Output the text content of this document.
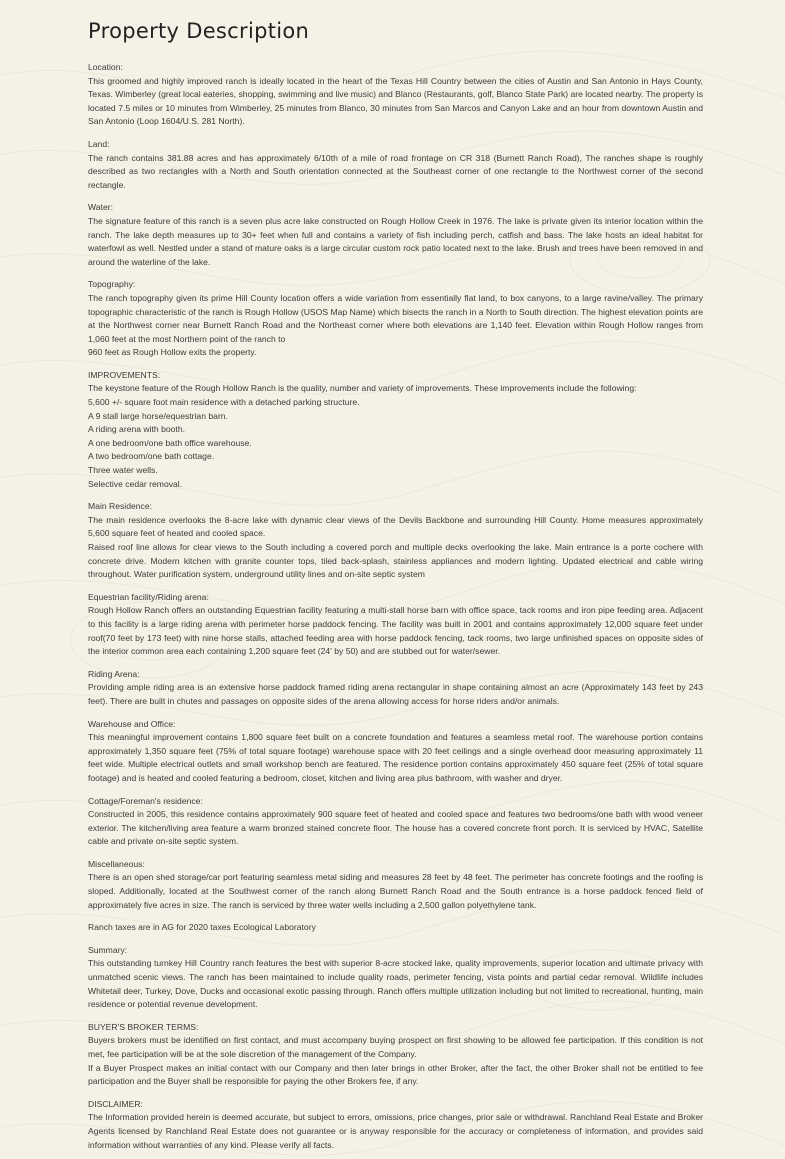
Property Description
Location:

This groomed and highly improved ranch is ideally located in the heart of the Texas Hill Country between the cities of Austin and San Antonio in Hays County, Texas. Wimberley (great local eateries, shopping, swimming and live music) and Blanco (Restaurants, golf, Blanco State Park) are located nearby. The property is located 7.5 miles or 10 minutes from Wimberley, 25 minutes from Blanco, 30 minutes from San Marcos and Canyon Lake and an hour from downtown Austin and San Antonio (Loop 1604/U.S. 281 North).

Land:

The ranch contains 381.88 acres and has approximately 6/10th of a mile of road frontage on CR 318 (Burnett Ranch Road), The ranches shape is roughly described as two rectangles with a North and South orientation connected at the Southeast corner of one rectangle to the Northwest corner of the second rectangle.

Water:

The signature feature of this ranch is a seven plus acre lake constructed on Rough Hollow Creek in 1976. The lake is private given its interior location within the ranch. The lake depth measures up to 30+ feet when full and contains a variety of fish including perch, catfish and bass. The lake hosts an ideal habitat for waterfowl as well. Nestled under a stand of mature oaks is a large circular custom rock patio located next to the lake. Brush and trees have been removed in and around the waterline of the lake.

Topography:

The ranch topography given its prime Hill County location offers a wide variation from essentially flat land, to box canyons, to a large ravine/valley. The primary topographic characteristic of the ranch is Rough Hollow (USOS Map Name) which bisects the ranch in a North to South direction. The highest elevation points are at the Northwest corner near Burnett Ranch Road and the Northeast corner where both elevations are 1,140 feet. Elevation within Rough Hollow ranges from 1,060 feet at the most Northern point of the ranch to

960 feet as Rough Hollow exits the property.

IMPROVEMENTS:
The keystone feature of the Rough Hollow Ranch is the quality, number and variety of improvements. These improvements include the following:
5,600 +/- square foot main residence with a detached parking structure.
A 9 stall large horse/equestrian barn.
A riding arena with booth.
A one bedroom/one bath office warehouse.
A two bedroom/one bath cottage.
Three water wells.
Selective cedar removal.
Main Residence:

The main residence overlooks the 8-acre lake with dynamic clear views of the Devils Backbone and surrounding Hill County. Home measures approximately 5,600 square feet of heated and cooled space.

Raised roof line allows for clear views to the South including a covered porch and multiple decks overlooking the lake. Main entrance is a porte cochere with concrete drive. Modern kitchen with granite counter tops, tiled back-splash, stainless appliances and modern lighting. Updated electrical and cable wiring throughout. Water purification system, underground utility lines and on-site septic system

Equestrian facility/Riding arena:

Rough Hollow Ranch offers an outstanding Equestrian facility featuring a multi-stall horse barn with office space, tack rooms and iron pipe feeding area. Adjacent to this facility is a large riding arena with perimeter horse paddock fencing. The facility was built in 2001 and contains approximately 12,000 square feet under roof(70 feet by 173 feet) with nine horse stalls, attached feeding area with horse paddock fencing, tack rooms, two large unfinished spaces on opposite sides of the interior common area each containing 1,200 square feet (24' by 50) and are stubbed out for water/sewer.

Riding Arena:

Providing ample riding area is an extensive horse paddock framed riding arena rectangular in shape containing almost an acre (Approximately 143 feet by 243 feet). There are built in chutes and passages on opposite sides of the arena allowing access for horse riders and/or animals.

Warehouse and Office:

This meaningful improvement contains 1,800 square feet built on a concrete foundation and features a seamless metal roof. The warehouse portion contains approximately 1,350 square feet (75% of total square footage) warehouse space with 20 feet ceilings and a single overhead door measuring approximately 11 feet wide. Multiple electrical outlets and small workshop bench are featured. The residence portion contains approximately 450 square feet (25% of total square footage) and is heated and cooled featuring a bedroom, closet, kitchen and living area plus bathroom, with washer and dryer.

Cottage/Foreman's residence:

Constructed in 2005, this residence contains approximately 900 square feet of heated and cooled space and features two bedrooms/one bath with wood veneer exterior. The kitchen/living area feature a warm bronzed stained concrete floor. The house has a covered concrete front porch. It is serviced by HVAC, Satellite cable and private on-site septic system.

Miscellaneous:

There is an open shed storage/car port featuring seamless metal siding and measures 28 feet by 48 feet. The perimeter has concrete footings and the roofing is sloped. Additionally, located at the Southwest corner of the ranch along Burnett Ranch Road and the South entrance is a horse paddock fenced field of approximately five acres in size. The ranch is serviced by three water wells including a 2,500 gallon polyethylene tank.

Ranch taxes are in AG for 2020 taxes Ecological Laboratory

Summary:

This outstanding turnkey Hill Country ranch features the best with superior 8-acre stocked lake, quality improvements, superior location and ultimate privacy with unmatched scenic views. The ranch has been maintained to include quality roads, perimeter fencing, vista points and partial cedar removal. Wildlife includes Whitetail deer, Turkey, Dove, Ducks and occasional exotic passing through. Ranch offers multiple utilization including but not limited to recreational, hunting, main residence or potential revenue development.

BUYER'S BROKER TERMS:

Buyers brokers must be identified on first contact, and must accompany buying prospect on first showing to be allowed fee participation. If this condition is not met, fee participation will be at the sole discretion of the management of the Company.

If a Buyer Prospect makes an initial contact with our Company and then later brings in other Broker, after the fact, the other Broker shall not be entitled to fee participation and the Buyer shall be responsible for paying the other Brokers fee, if any.

DISCLAIMER:

The Information provided herein is deemed accurate, but subject to errors, omissions, price changes, prior sale or withdrawal. Ranchland Real Estate and Broker Agents licensed by Ranchland Real Estate does not guarantee or is anyway responsible for the accuracy or completeness of information, and provides said information without warranties of any kind. Please verify all facts.
